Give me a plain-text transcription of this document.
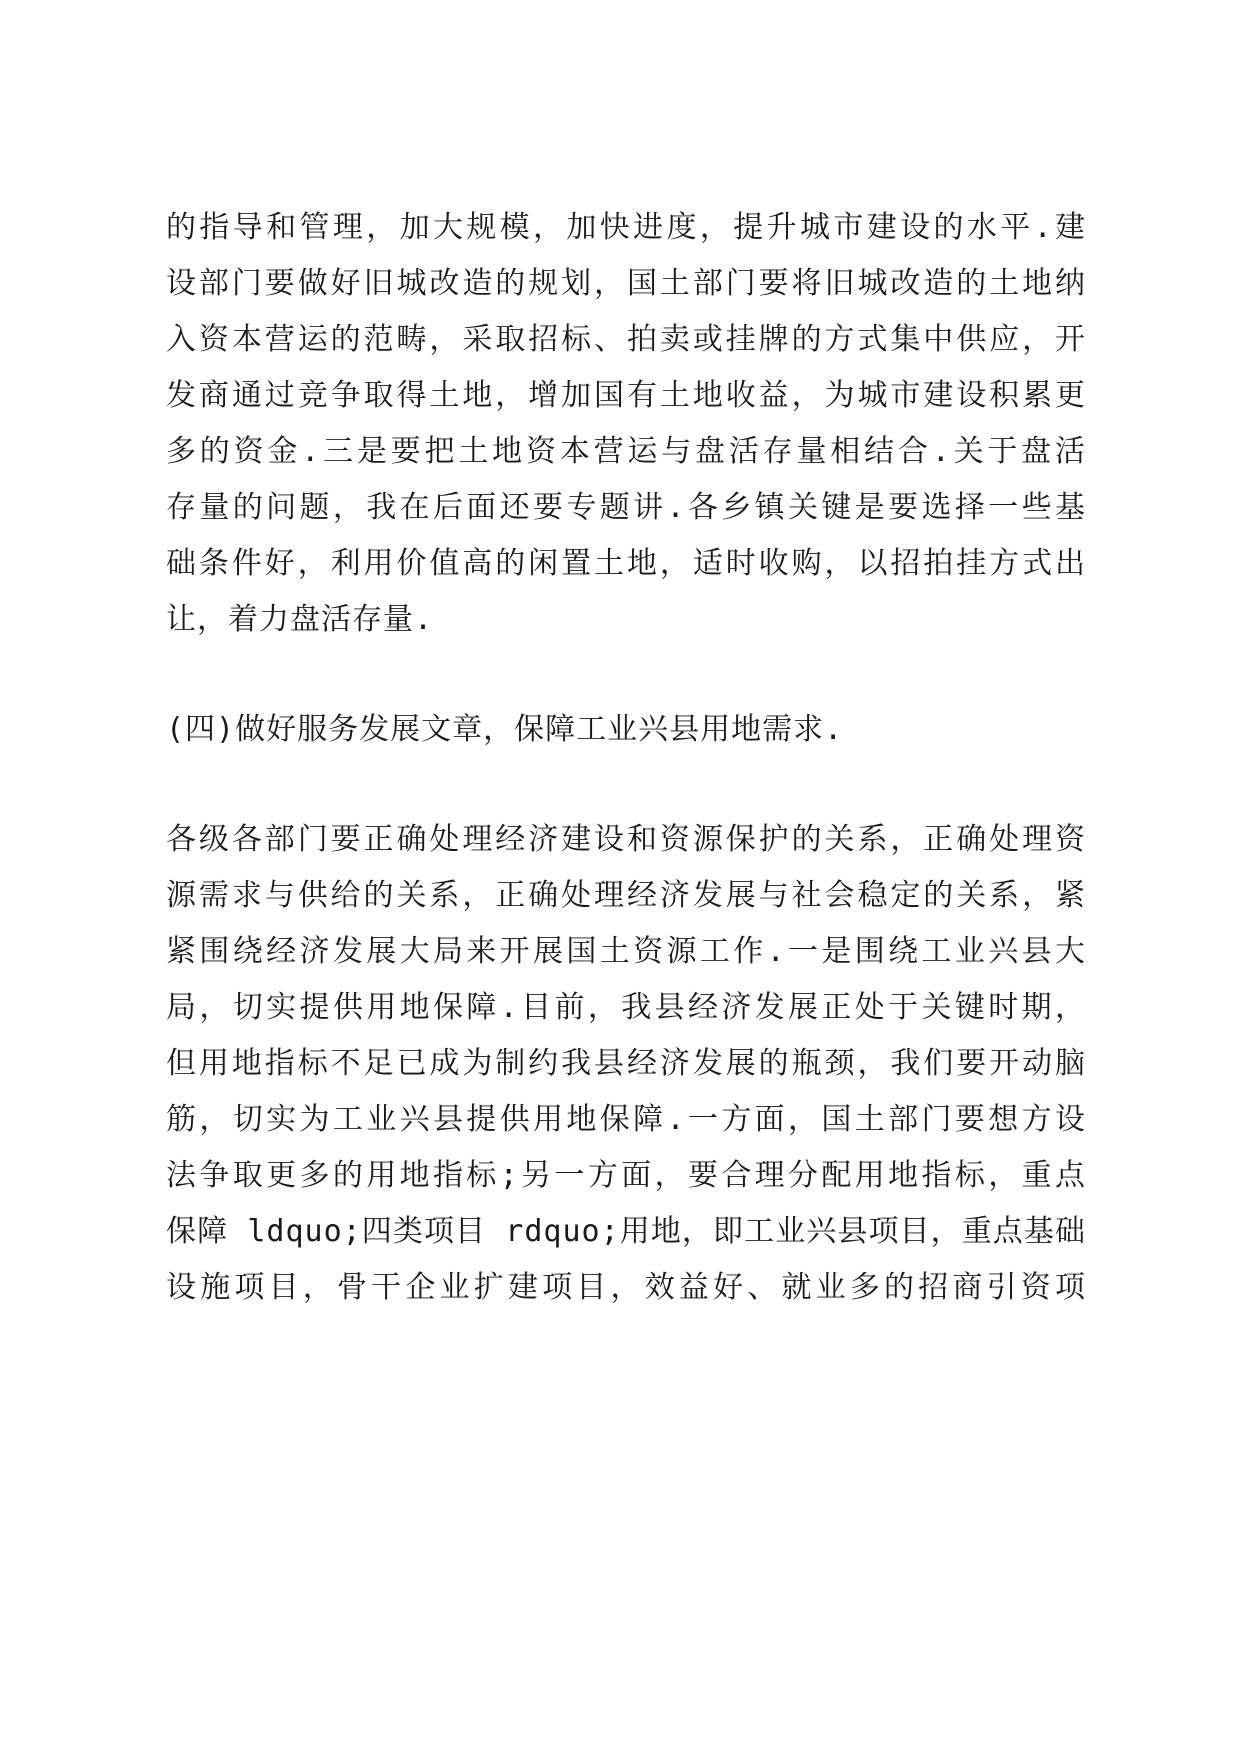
的指导和管理，加大规模，加快进度，提升城市建设的水平.建
设部门要做好旧城改造的规划，国土部门要将旧城改造的土地纳
入资本营运的范畴，采取招标、拍卖或挂牌的方式集中供应，开
发商通过竞争取得土地，增加国有土地收益，为城市建设积累更
多的资金.三是要把土地资本营运与盘活存量相结合.关于盘活
存量的问题，我在后面还要专题讲.各乡镇关键是要选择一些基
础条件好，利用价值高的闲置土地，适时收购，以招拍挂方式出
让，着力盘活存量.
(四)做好服务发展文章，保障工业兴县用地需求.
各级各部门要正确处理经济建设和资源保护的关系，正确处理资
源需求与供给的关系，正确处理经济发展与社会稳定的关系，紧
紧围绕经济发展大局来开展国土资源工作.一是围绕工业兴县大
局，切实提供用地保障.目前，我县经济发展正处于关键时期，
但用地指标不足已成为制约我县经济发展的瓶颈，我们要开动脑
筋，切实为工业兴县提供用地保障.一方面，国土部门要想方设
法争取更多的用地指标;另一方面，要合理分配用地指标，重点
保障 ldquo;四类项目 rdquo;用地，即工业兴县项目，重点基础
设施项目，骨干企业扩建项目，效益好、就业多的招商引资项
